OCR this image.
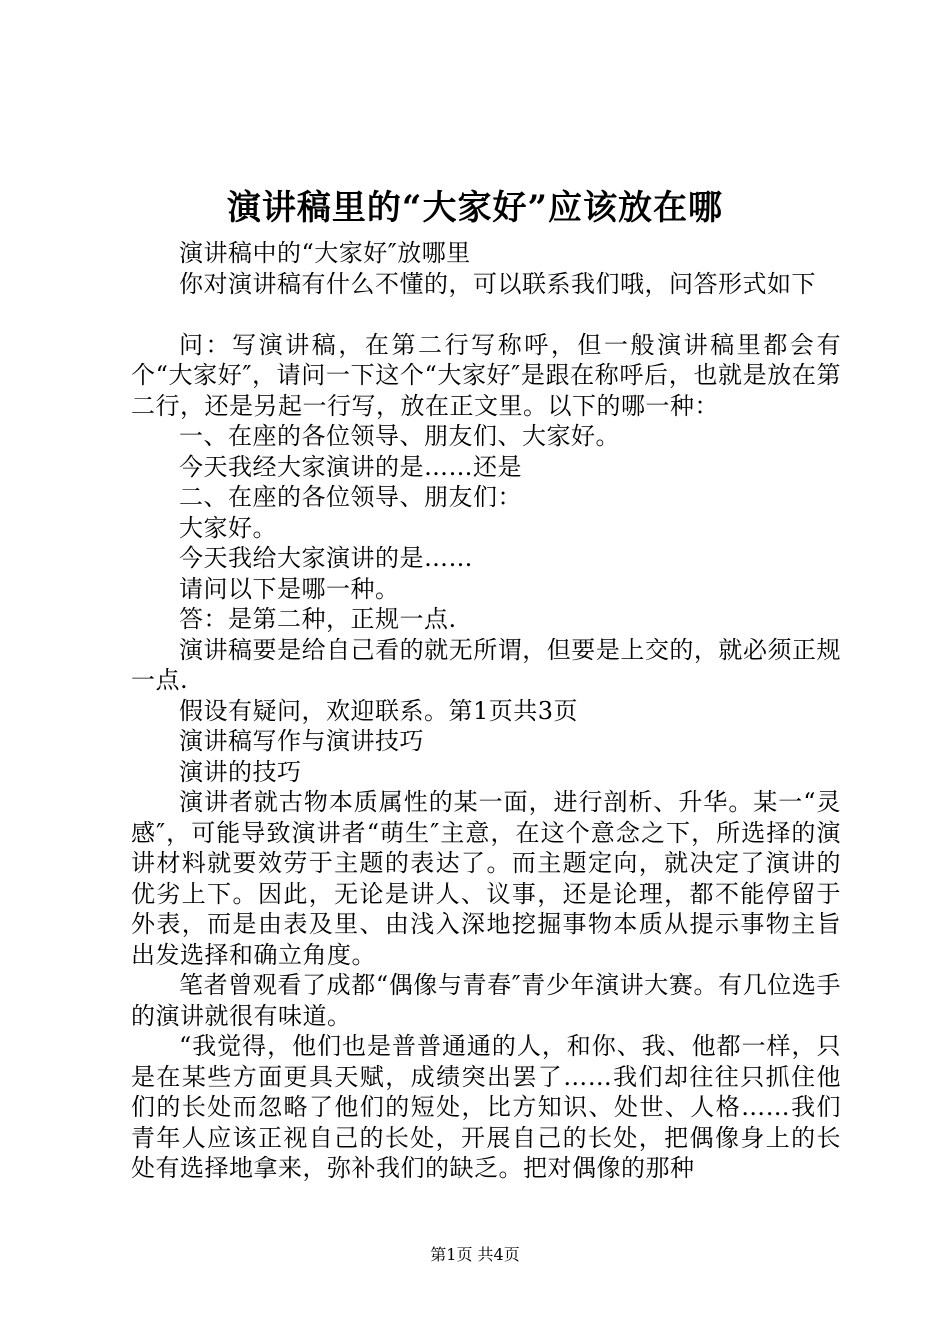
演讲稿里的“大家好”应该放在哪

演讲稿中的“大家好″放哪里

你对演讲稿有什么不懂的，可以联系我们哦，问答形式如下

问：写演讲稿，在第二行写称呼，但一般演讲稿里都会有个“大家好″，请问一下这个“大家好″是跟在称呼后，也就是放在第二行，还是另起一行写，放在正文里。以下的哪一种：

一、在座的各位领导、朋友们、大家好。

今天我经大家演讲的是……还是

二、在座的各位领导、朋友们：

大家好。

今天我给大家演讲的是……

请问以下是哪一种。

答：是第二种，正规一点.

演讲稿要是给自己看的就无所谓，但要是上交的，就必须正规一点.

假设有疑问，欢迎联系。第1页共3页

演讲稿写作与演讲技巧

演讲的技巧

演讲者就古物本质属性的某一面，进行剖析、升华。某一“灵感″，可能导致演讲者“萌生″主意，在这个意念之下，所选择的演讲材料就要效劳于主题的表达了。而主题定向，就决定了演讲的优劣上下。因此，无论是讲人、议事，还是论理，都不能停留于外表，而是由表及里、由浅入深地挖掘事物本质从提示事物主旨出发选择和确立角度。

笔者曾观看了成都“偶像与青春″青少年演讲大赛。有几位选手的演讲就很有味道。

“我觉得，他们也是普普通通的人，和你、我、他都一样，只是在某些方面更具天赋，成绩突出罢了……我们却往往只抓住他们的长处而忽略了他们的短处，比方知识、处世、人格……我们青年人应该正视自己的长处，开展自己的长处，把偶像身上的长处有选择地拿来，弥补我们的缺乏。把对偶像的那种

第1页 共4页
